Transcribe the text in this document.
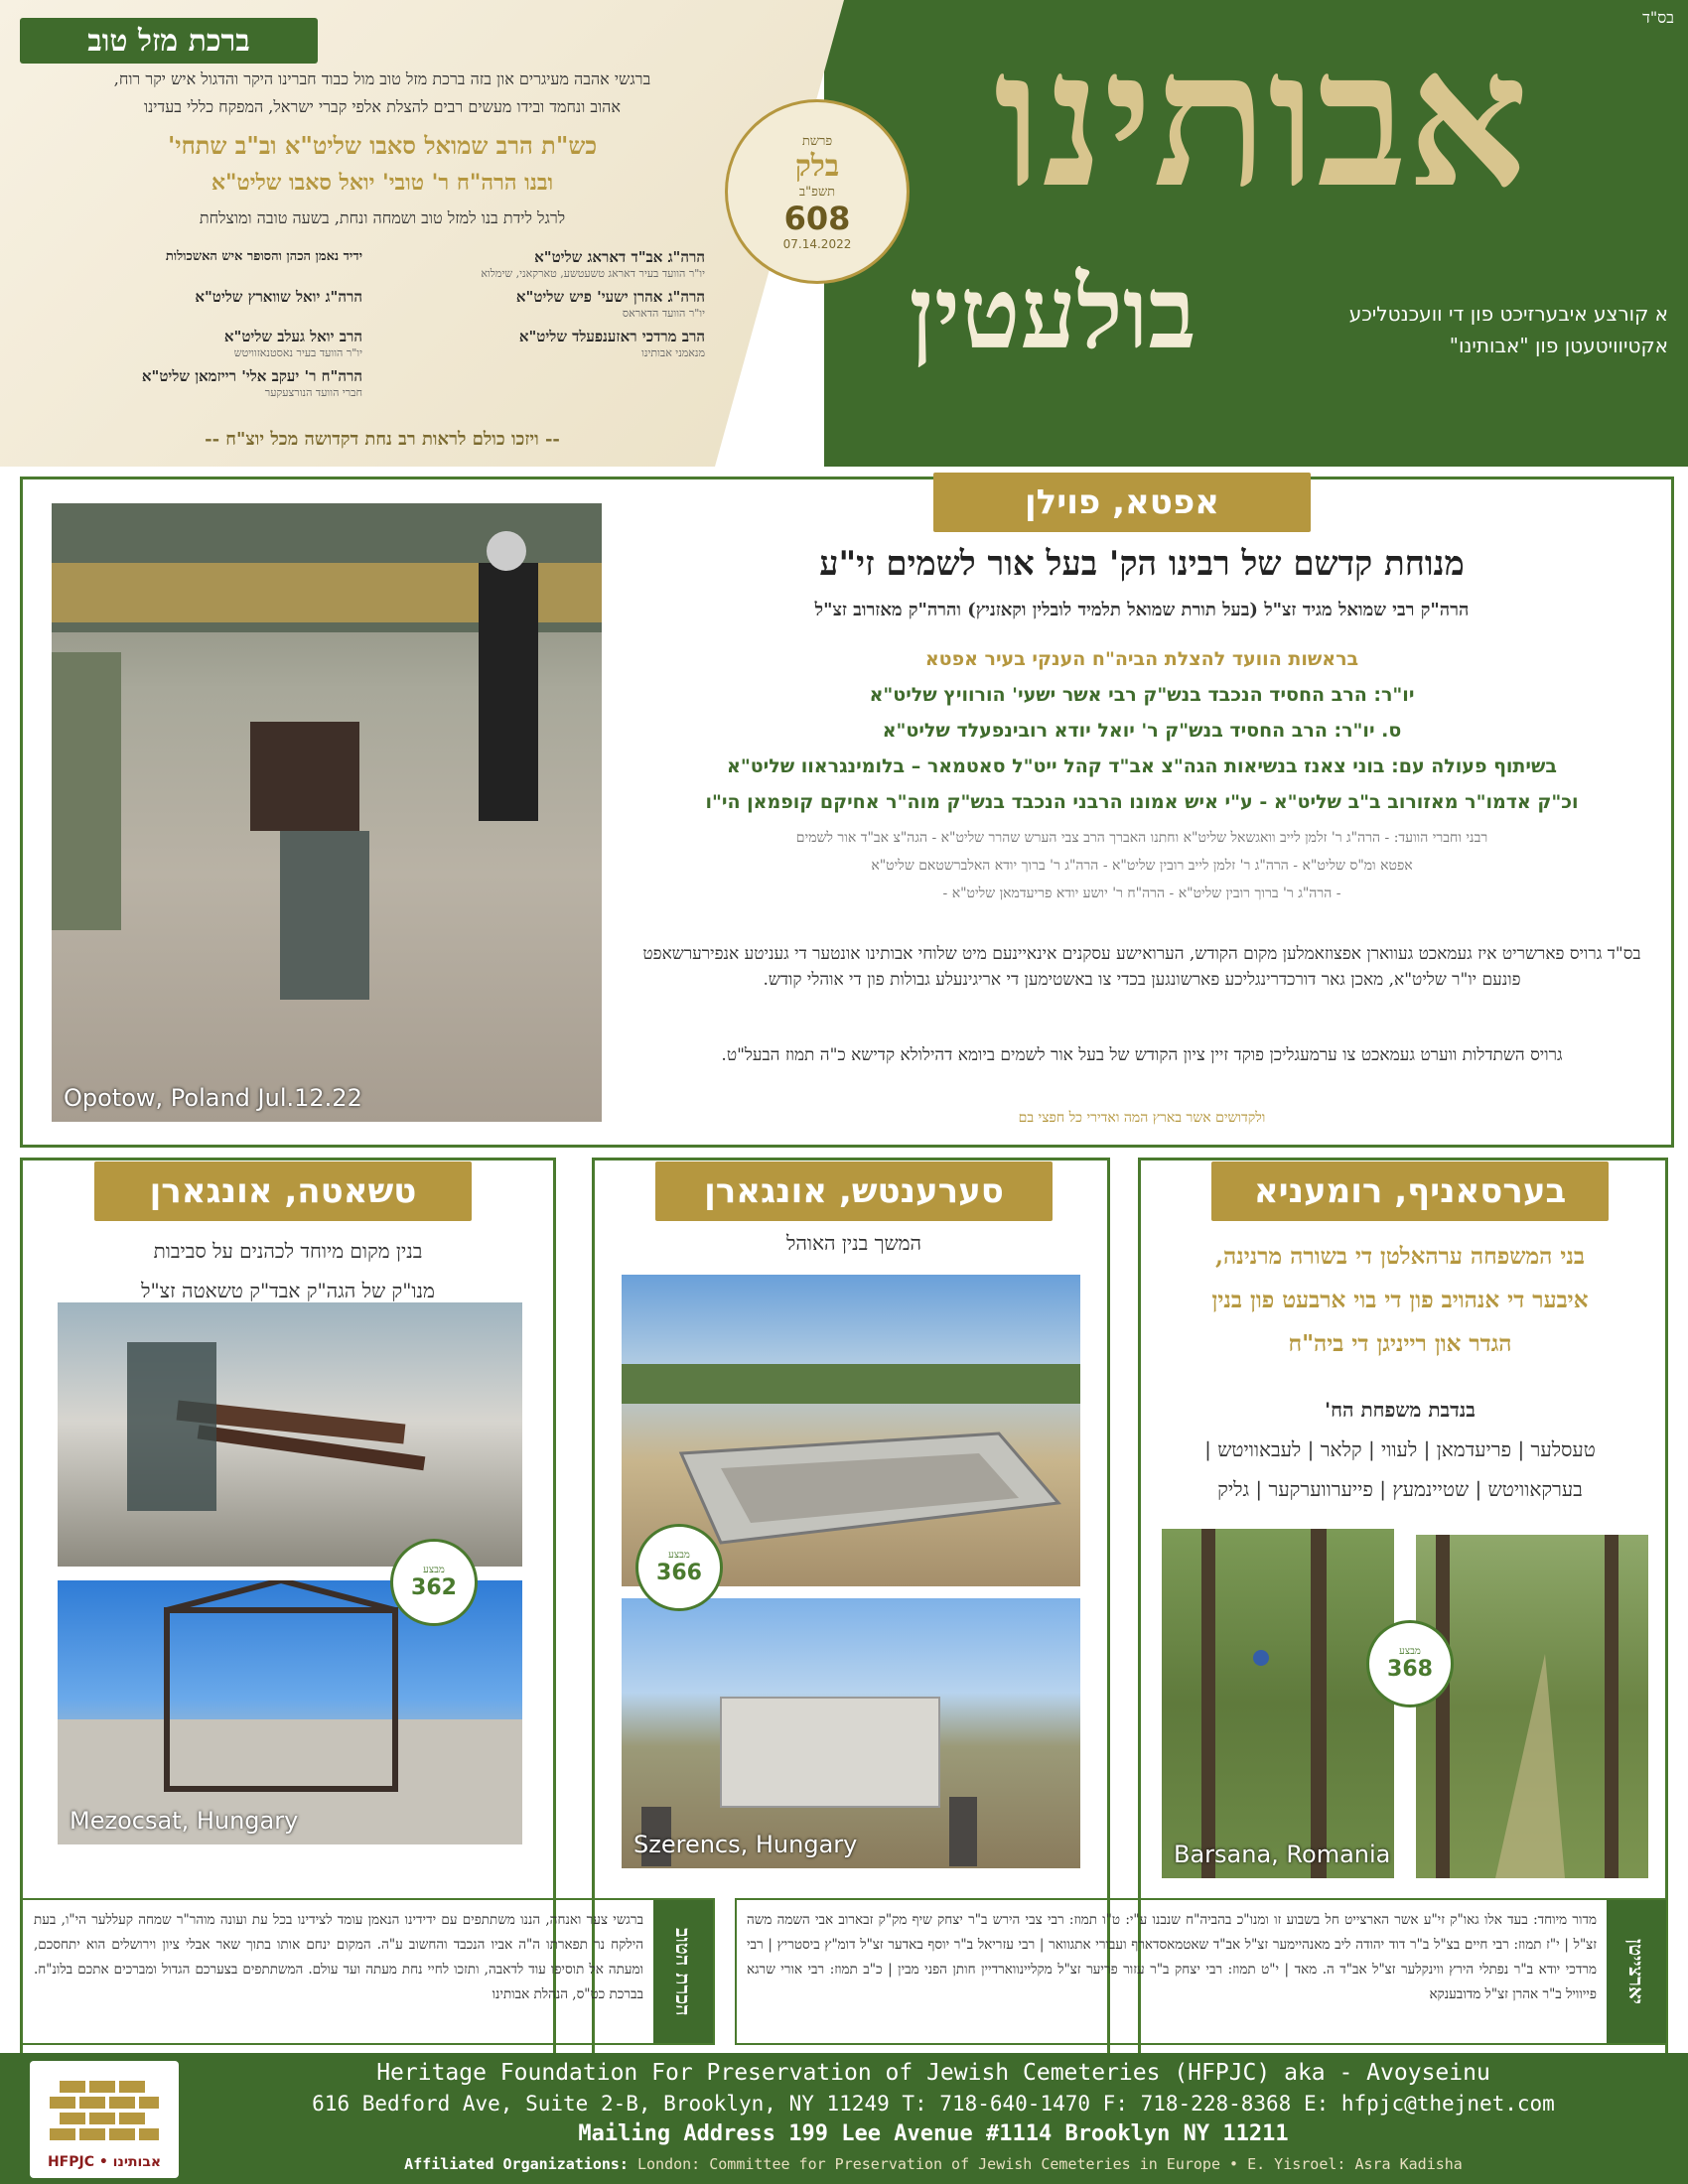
בס"ד
אבותינו
בולעטין	א קורצע איבערזיכט פון די וועכנטליכע
אקטיוויטעטן פון "אבותינו"
פרשת
בלק
תשפ"ב
608
07.14.2022
ברכת מזל טוב
ברגשי אהבה מעיגרים און בזה ברכת מזל טוב מול כבוד חברינו היקר והדגול איש יקר רוח,
אהוב ונחמד ובידו מעשים רבים להצלת אלפי קברי ישראל, המפקח כללי בעדינו
כש"ת הרב שמואל סאבו שליט"א וב"ב שתחי'
ובנו הרה"ח ר' טובי' יואל סאבו שליט"א
לרגל לידת בנו למזל טוב ושמחה ונחת, בשעה טובה ומוצלחת
הרה"ג אב"ד דאראג שליט"א
יו"ר הוועד בעיר דאראג טשעטשע, טארקאני, שימלוא
ידיד נאמן הכהן והסופר איש האשכולות
הרה"ג אהרן ישעי' פיש שליט"א
יו"ר הוועד הדאראס
הרה"ג יואל שווארץ שליט"א
הרב מרדכי ראזענפעלד שליט"א
מנאמני אבותינו
הרב יואל געלב שליט"א
יו"ר הוועד בעיר נאסטנאזוויטש
הרה"ח ר' יעקב אלי' רייזמאן שליט"א
חברי הוועד הנורצעקער
-- ויזכו כולם לראות רב נחת דקדושה מכל יוצ"ח --
אפטא, פוילן
Opotow, Poland Jul.12.22
מנוחת קדשם של רבינו הק' בעל אור לשמים זי"ע
הרה"ק רבי שמואל מגיד זצ"ל (בעל תורת שמואל תלמיד לובלין וקאזניץ) והרה"ק מאזרוב זצ"ל
בראשות הוועד להצלת הביה"ח הענקי בעיר אפטא
יו"ר: הרב החסיד הנכבד בנש"ק רבי אשר ישעי' הורוויץ שליט"א
ס. יו"ר: הרב החסיד בנש"ק ר' יואל יודא רובינפעלד שליט"א
בשיתוף פעולה עם: בוני צאנז בנשיאות הגה"צ אב"ד קהל ייט"ל סאטמאר – בלומינגראוו שליט"א
וכ"ק אדמו"ר מאזורוב ב"ב שליט"א - ע"י איש אמונו הרבני הנכבד בנש"ק מוה"ר אחיקם קופמאן הי"ו
רבני וחברי הוועד: - הרה"ג ר' זלמן לייב וואגשאל שליט"א וחתנו האברך הרב צבי הערש שהרר שליט"א - הגה"צ אב"ד אור לשמים
אפטא ומ"ס שליט"א - הרה"ג ר' זלמן לייב רובין שליט"א - הרה"ג ר' ברוך יודא האלברשטאם שליט"א
- הרה"ג ר' ברוך רובין שליט"א - הרה"ח ר' יושע יודא פריעדמאן שליט"א -
בס"ד גרויס פארשריט איז געמאכט געווארן אפצוזאמלען מקום הקודש, הערואישע עסקנים אינאיינעם מיט שלוחי אבותינו אונטער די געניטע אנפירערשאפט פונעם יו"ר שליט"א, מאכן גאר דורכדרינגליכע פארשונגען בכדי צו באשטימען די אריגינעלע גבולות פון די אוהלי קודש.
גרויס השתדלות ווערט געמאכט צו ערמעגליכן פוקד זיין ציון הקודש של בעל אור לשמים ביומא דהילולא קדישא כ"ה תמוז הבעל"ט.
ולקדושים אשר בארץ המה ואדירי כל חפצי בם
טשאטה, אונגארן
בנין מקום מיוחד לכהנים על סביבות
מנו"ק של הגה"ק אבד"ק טשאטה זצ"ל
Mezocsat, Hungary
מבצע
362
סערענטש, אונגארן
המשך בנין האוהל
Szerencs, Hungary
מבצע
366
בערסאניף, רומעניא
בני המשפחה ערהאלטן די בשורה מרנינה,
איבער די אנהויב פון די בוי ארבעט פון בנין
הגדר און רייניגן די ביה"ח
בנדבת משפחת הח'
טעסלער | פריעדמאן | לעווי | קלאר | לעבאוויטש |
בערקאוויטש | שטיינמעץ | פייערווערקער | גליק
Barsana, Romania
מבצע
368
הכרת הטוב
ברגשי צער ואנחה, הננו משתתפים עם ידידינו הנאמן עומד לצידינו בכל עת ועונה מוהר"ר שמחה קעללער הי"ו, בעת הילקח נר תפארתו ה"ה אביו הנכבד והחשוב ע"ה. המקום ינחם אותו בתוך שאר אבלי ציון וירושלים הוא יתחסכם, ומעתה אל תוסיפו עוד לדאבה, ותזכו לחיי נחת מעתה ועד עולם. המשתתפים בצערכם הגדול ומברכים אתכם בלונ"ח. בברכת כט"ס, הנהלת אבותינו	יארצייטן
מדור מיוחד: בעד אלו גאו"ק זי"ע אשר הארצייט חל בשבוע זו ומנו"כ בהביה"ח שנבנו ע"י: ט"ו תמוז: רבי צבי הירש ב"ר יצחק שיף מק"ק זבארוב אבי השמה משה זצ"ל | י"ז תמוז: רבי חיים בצ"ל ב"ר דוד יהודה ליב מאנהיימער זצ"ל אב"ד שאטמאסדארף ועבורי אתגוואר | רבי עזריאל ב"ר יוסף באדער זצ"ל דומ"ץ ביסטריץ | רבי מרדכי יודא ב"ר נפתלי הירץ ווינקלער זצ"ל אב"ד ה. מאד | י"ט תמוז: רבי יצחק ב"ר עזור פריער זצ"ל מקליינווארדיין חותן הפני מבין | כ"ב תמוז: רבי אורי שרגא פייוויל ב"ר אהרן זצ"ל מדובענקא
HFPJC • אבותינו
Heritage Foundation For Preservation of Jewish Cemeteries (HFPJC) aka - Avoyseinu
616 Bedford Ave, Suite 2-B, Brooklyn, NY 11249 T: 718-640-1470 F: 718-228-8368 E: hfpjc@thejnet.com
Mailing Address 199 Lee Avenue #1114 Brooklyn NY 11211
Affiliated Organizations: London: Committee for Preservation of Jewish Cemeteries in Europe • E. Yisroel: Asra Kadisha
